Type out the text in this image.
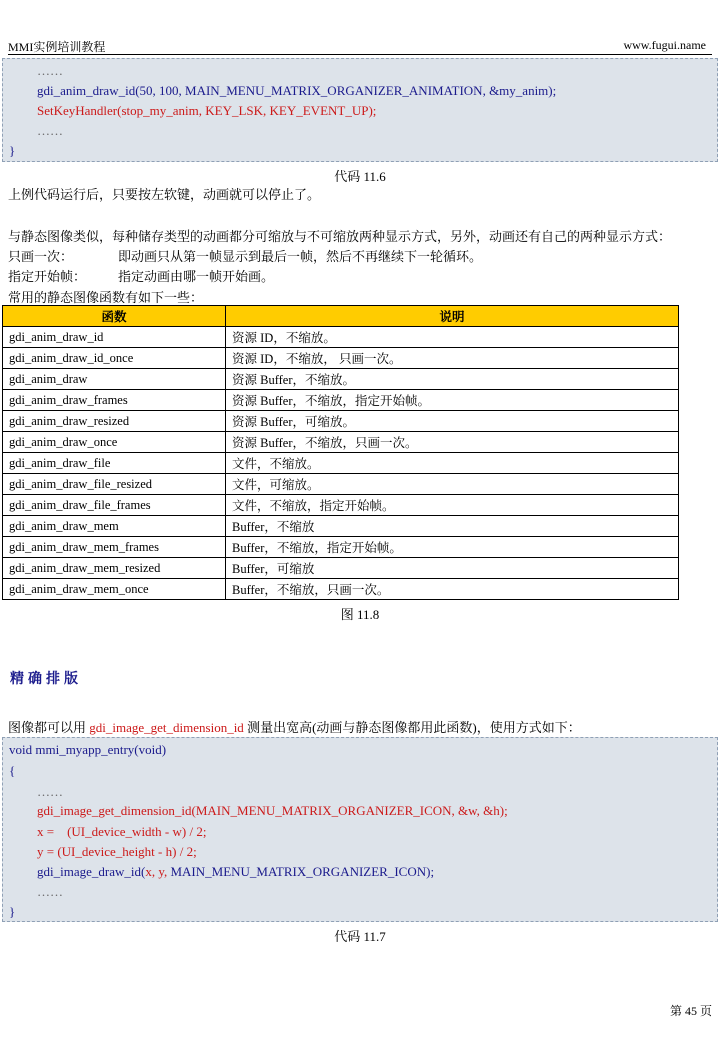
MMI实例培训教程	www.fugui.name
……
gdi_anim_draw_id(50, 100, MAIN_MENU_MATRIX_ORGANIZER_ANIMATION, &my_anim);
SetKeyHandler(stop_my_anim, KEY_LSK, KEY_EVENT_UP);
……
}
代码 11.6
上例代码运行后，只要按左软键，动画就可以停止了。
与静态图像类似，每种储存类型的动画都分可缩放与不可缩放两种显示方式，另外，动画还有自己的两种显示方式：
只画一次：	即动画只从第一帧显示到最后一帧，然后不再继续下一轮循环。
指定开始帧： 指定动画由哪一帧开始画。
常用的静态图像函数有如下一些：
函数	说明
gdi_anim_draw_id	资源 ID，不缩放。
gdi_anim_draw_id_once	资源 ID，不缩放， 只画一次。
gdi_anim_draw	资源 Buffer，不缩放。
gdi_anim_draw_frames	资源 Buffer，不缩放，指定开始帧。
gdi_anim_draw_resized	资源 Buffer，可缩放。
gdi_anim_draw_once	资源 Buffer，不缩放，只画一次。
gdi_anim_draw_file	文件，不缩放。
gdi_anim_draw_file_resized	文件，可缩放。
gdi_anim_draw_file_frames	文件，不缩放，指定开始帧。
gdi_anim_draw_mem	Buffer，不缩放
gdi_anim_draw_mem_frames	Buffer，不缩放，指定开始帧。
gdi_anim_draw_mem_resized	Buffer，可缩放
gdi_anim_draw_mem_once	Buffer，不缩放，只画一次。
图 11.8
精确排版
图像都可以用 gdi_image_get_dimension_id 测量出宽高(动画与静态图像都用此函数)，使用方式如下：
void mmi_myapp_entry(void)
{
……
gdi_image_get_dimension_id(MAIN_MENU_MATRIX_ORGANIZER_ICON, &w, &h);
x =    (UI_device_width - w) / 2;
y = (UI_device_height - h) / 2;
gdi_image_draw_id(x, y, MAIN_MENU_MATRIX_ORGANIZER_ICON);
……
}
代码 11.7
第 45 页
